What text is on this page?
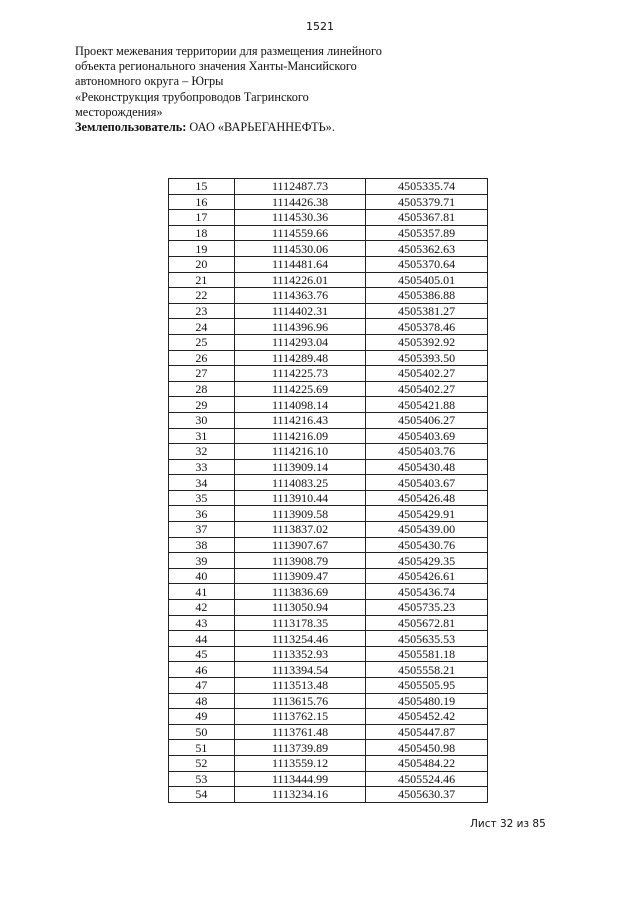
1521
Проект межевания территории для размещения линейного
объекта регионального значения Ханты-Мансийского
автономного округа – Югры
«Реконструкция трубопроводов Тагринского
месторождения»
Землепользователь: ОАО «ВАРЬЕГАННЕФТЬ».
15	1112487.73	4505335.74
16	1114426.38	4505379.71
17	1114530.36	4505367.81
18	1114559.66	4505357.89
19	1114530.06	4505362.63
20	1114481.64	4505370.64
21	1114226.01	4505405.01
22	1114363.76	4505386.88
23	1114402.31	4505381.27
24	1114396.96	4505378.46
25	1114293.04	4505392.92
26	1114289.48	4505393.50
27	1114225.73	4505402.27
28	1114225.69	4505402.27
29	1114098.14	4505421.88
30	1114216.43	4505406.27
31	1114216.09	4505403.69
32	1114216.10	4505403.76
33	1113909.14	4505430.48
34	1114083.25	4505403.67
35	1113910.44	4505426.48
36	1113909.58	4505429.91
37	1113837.02	4505439.00
38	1113907.67	4505430.76
39	1113908.79	4505429.35
40	1113909.47	4505426.61
41	1113836.69	4505436.74
42	1113050.94	4505735.23
43	1113178.35	4505672.81
44	1113254.46	4505635.53
45	1113352.93	4505581.18
46	1113394.54	4505558.21
47	1113513.48	4505505.95
48	1113615.76	4505480.19
49	1113762.15	4505452.42
50	1113761.48	4505447.87
51	1113739.89	4505450.98
52	1113559.12	4505484.22
53	1113444.99	4505524.46
54	1113234.16	4505630.37
Лист 32 из 85
